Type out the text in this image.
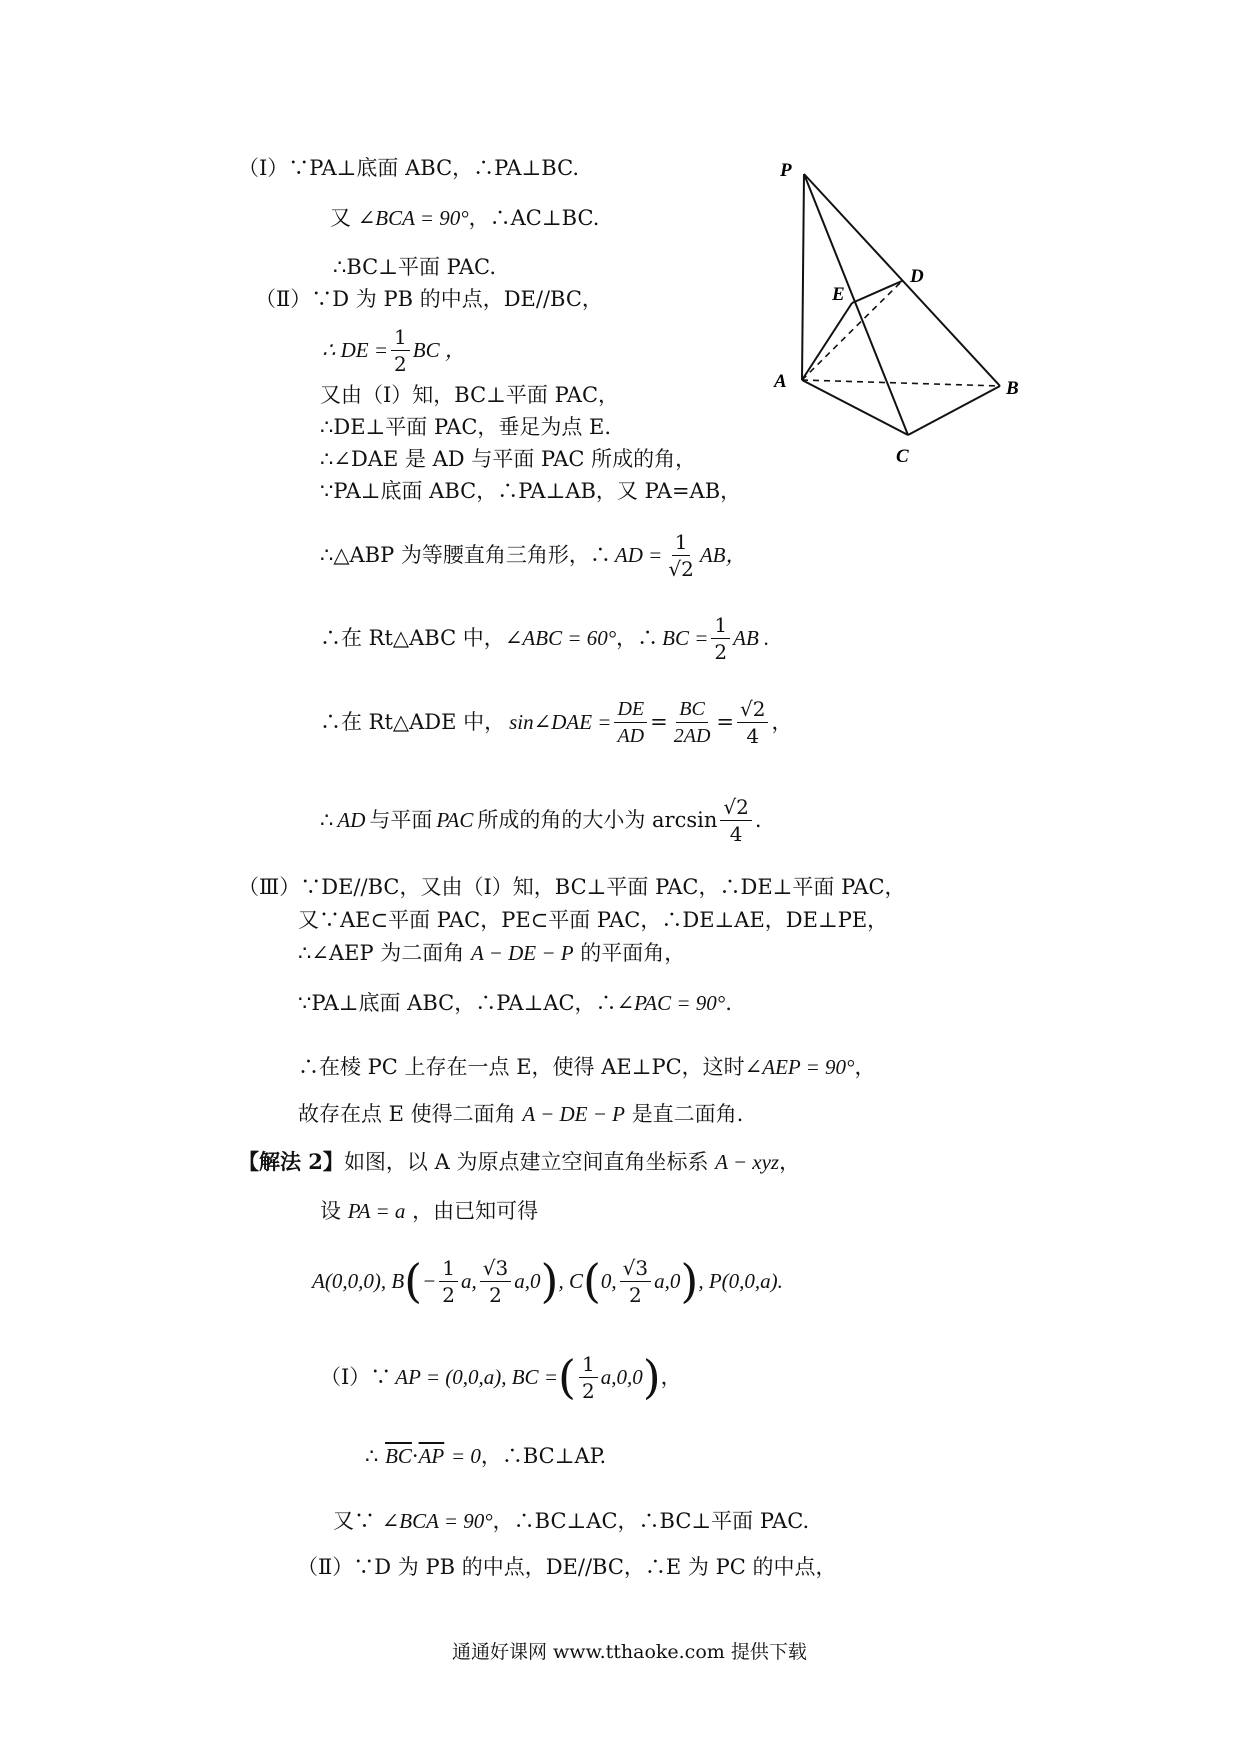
P
D
E
A	B
C
（Ⅰ）∵PA⊥底面 ABC，∴PA⊥BC.
又 ∠BCA = 90°，∴AC⊥BC.
∴BC⊥平面 PAC.
（Ⅱ）∵D 为 PB 的中点，DE//BC，
∴ DE = $\frac{1}{2}$ BC ，
又由（Ⅰ）知，BC⊥平面 PAC，
∴DE⊥平面 PAC，垂足为点 E.
∴∠DAE 是 AD 与平面 PAC 所成的角，
∵PA⊥底面 ABC，∴PA⊥AB，又 PA=AB，
∴△ABP 为等腰直角三角形，∴ AD = $\frac{1}{√2}$ AB，
∴在 Rt△ABC 中， ∠ABC = 60° ，∴ BC = $\frac{1}{2}$ AB .
∴在 Rt△ADE 中， sin∠DAE = $\frac{DE}{AD} = \frac{BC}{2AD} = \frac{√2}{4}$ ，
∴ AD 与平面 PAC 所成的角的大小为 $\arcsin \frac{√2}{4}$ .
（Ⅲ）∵DE//BC，又由（Ⅰ）知，BC⊥平面 PAC，∴DE⊥平面 PAC，
又∵AE⊂平面 PAC，PE⊂平面 PAC，∴DE⊥AE，DE⊥PE，
∴∠AEP 为二面角 A − DE − P 的平面角，
∵PA⊥底面 ABC，∴PA⊥AC，∴∠PAC = 90°.
∴在棱 PC 上存在一点 E，使得 AE⊥PC，这时∠AEP = 90°，
故存在点 E 使得二面角 A − DE − P 是直二面角.
【解法 2】如图，以 A 为原点建立空间直角坐标系 A − xyz，
设 PA = a ，由已知可得
A(0,0,0), B ( − $\frac{1}{2} a$, $\frac{√3}{2} a,0$ ) , C ( 0, $\frac{√3}{2} a,0$ ) , P(0,0,a).
（Ⅰ）∵ AP = (0,0,a), BC = ( $\frac{1}{2} a,0,0$ ) ，
∴ $\overline{BC}\cdot\overline{AP} = 0$，∴BC⊥AP.
又∵ ∠BCA = 90°，∴BC⊥AC，∴BC⊥平面 PAC.
（Ⅱ）∵D 为 PB 的中点，DE//BC，∴E 为 PC 的中点，
通通好课网 www.tthaoke.com 提供下载
